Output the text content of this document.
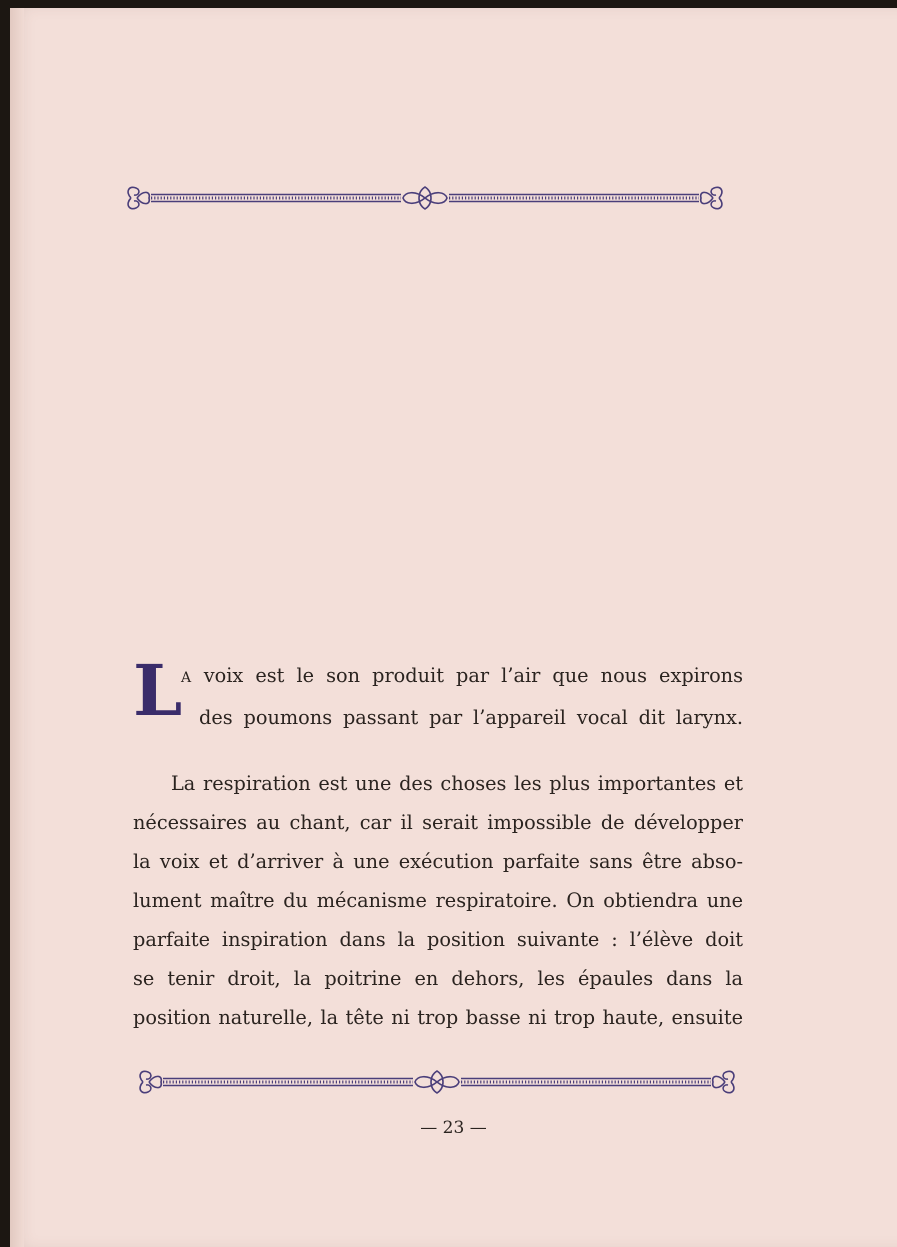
L
A voix est le son produit par l’air que nous expirons
des poumons passant par l’appareil vocal dit larynx.
La respiration est une des choses les plus importantes et
nécessaires au chant, car il serait impossible de développer
la voix et d’arriver à une exécution parfaite sans être abso-
lument maître du mécanisme respiratoire. On obtiendra une
parfaite inspiration dans la position suivante : l’élève doit
se tenir droit, la poitrine en dehors, les épaules dans la
position naturelle, la tête ni trop basse ni trop haute, ensuite
— 23 —
